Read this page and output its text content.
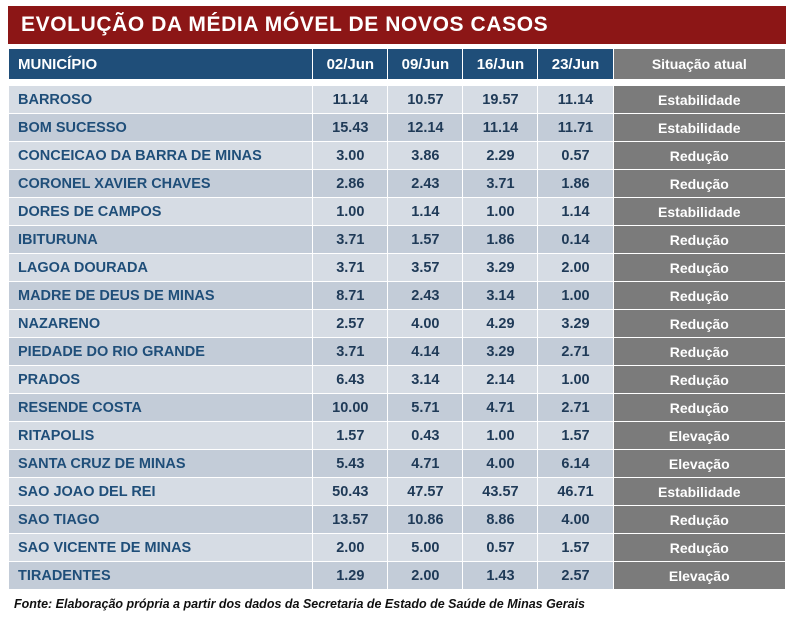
EVOLUÇÃO DA MÉDIA MÓVEL DE NOVOS CASOS
MUNICÍPIO	02/Jun	09/Jun	16/Jun	23/Jun	Situação atual

BARROSO	11.14	10.57	19.57	11.14	Estabilidade
BOM SUCESSO	15.43	12.14	11.14	11.71	Estabilidade
CONCEICAO DA BARRA DE MINAS	3.00	3.86	2.29	0.57	Redução
CORONEL XAVIER CHAVES	2.86	2.43	3.71	1.86	Redução
DORES DE CAMPOS	1.00	1.14	1.00	1.14	Estabilidade
IBITURUNA	3.71	1.57	1.86	0.14	Redução
LAGOA DOURADA	3.71	3.57	3.29	2.00	Redução
MADRE DE DEUS DE MINAS	8.71	2.43	3.14	1.00	Redução
NAZARENO	2.57	4.00	4.29	3.29	Redução
PIEDADE DO RIO GRANDE	3.71	4.14	3.29	2.71	Redução
PRADOS	6.43	3.14	2.14	1.00	Redução
RESENDE COSTA	10.00	5.71	4.71	2.71	Redução
RITAPOLIS	1.57	0.43	1.00	1.57	Elevação
SANTA CRUZ DE MINAS	5.43	4.71	4.00	6.14	Elevação
SAO JOAO DEL REI	50.43	47.57	43.57	46.71	Estabilidade
SAO TIAGO	13.57	10.86	8.86	4.00	Redução
SAO VICENTE DE MINAS	2.00	5.00	0.57	1.57	Redução
TIRADENTES	1.29	2.00	1.43	2.57	Elevação
Fonte: Elaboração própria a partir dos dados da Secretaria de Estado de Saúde de Minas Gerais
